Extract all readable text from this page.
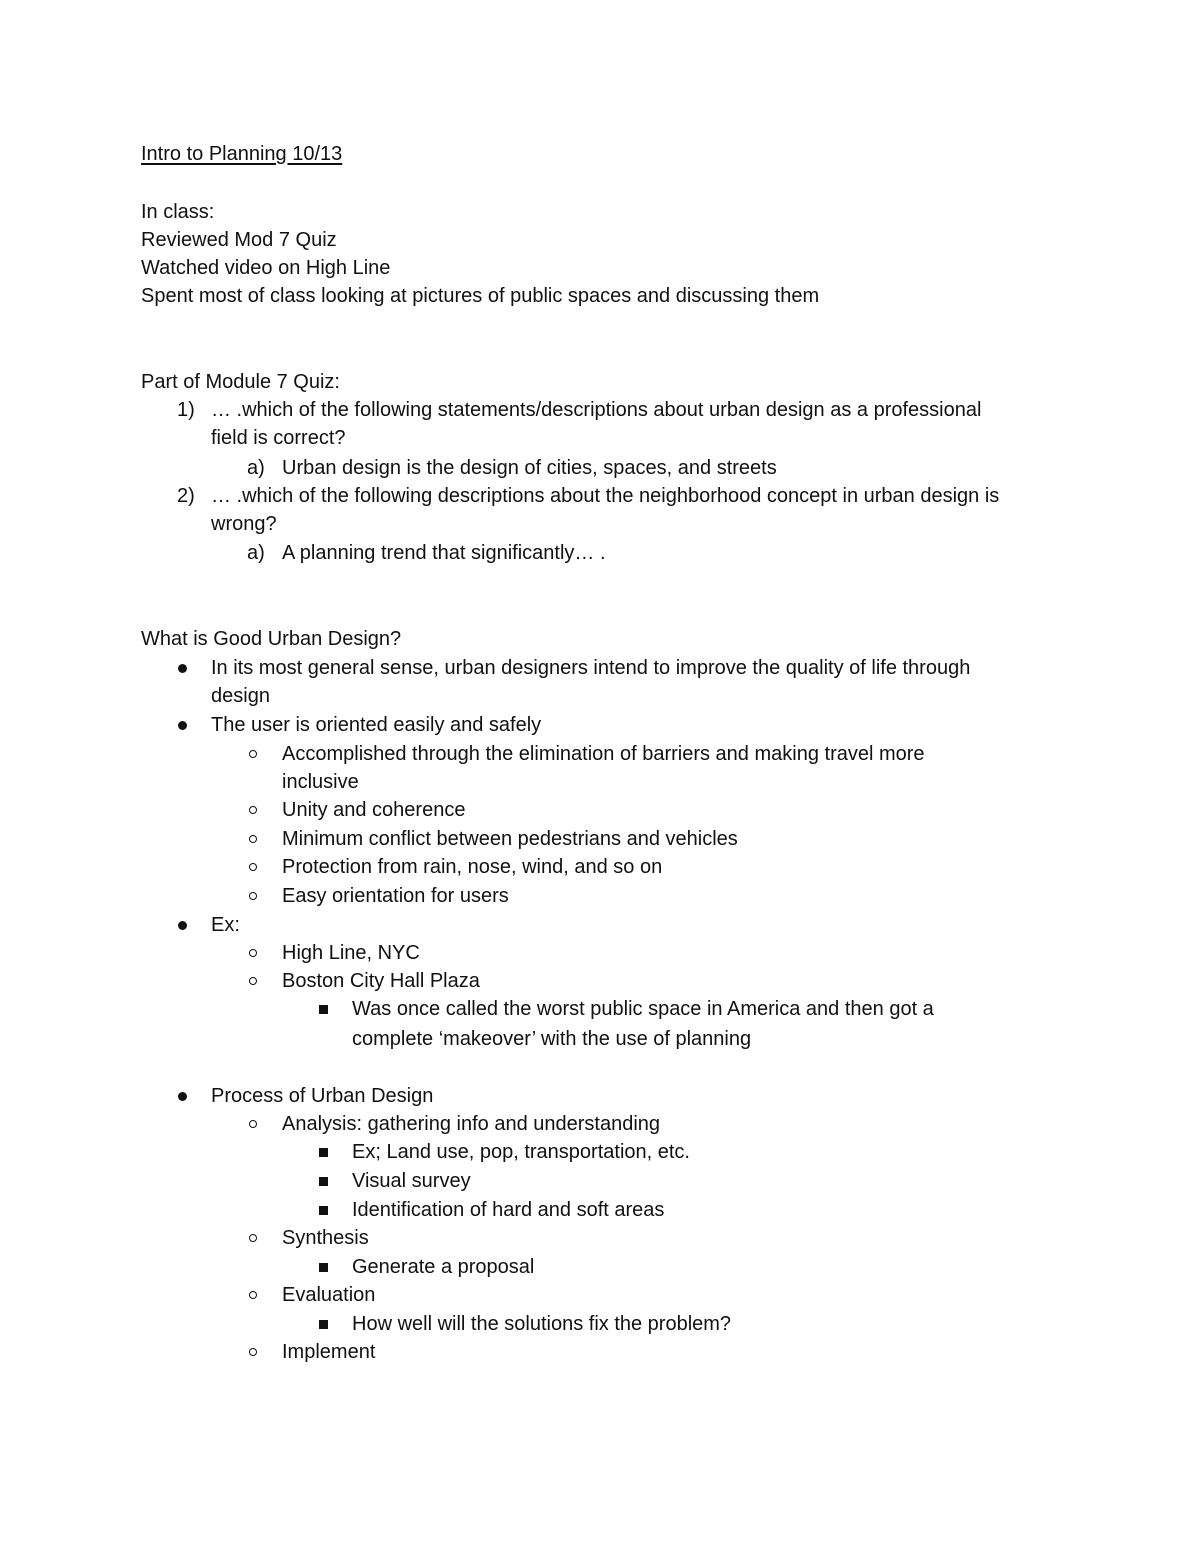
Intro to Planning 10/13
In class:
Reviewed Mod 7 Quiz
Watched video on High Line
Spent most of class looking at pictures of public spaces and discussing them
Part of Module 7 Quiz:
1) … .which of the following statements/descriptions about urban design as a professional
field is correct?
a) Urban design is the design of cities, spaces, and streets
2) … .which of the following descriptions about the neighborhood concept in urban design is
wrong?
a) A planning trend that significantly… .
What is Good Urban Design?
In its most general sense, urban designers intend to improve the quality of life through
design
The user is oriented easily and safely
Accomplished through the elimination of barriers and making travel more
inclusive
Unity and coherence
Minimum conflict between pedestrians and vehicles
Protection from rain, nose, wind, and so on
Easy orientation for users
Ex:
High Line, NYC
Boston City Hall Plaza
Was once called the worst public space in America and then got a
complete ‘makeover’ with the use of planning
Process of Urban Design
Analysis: gathering info and understanding
Ex; Land use, pop, transportation, etc.
Visual survey
Identification of hard and soft areas
Synthesis
Generate a proposal
Evaluation
How well will the solutions fix the problem?
Implement
